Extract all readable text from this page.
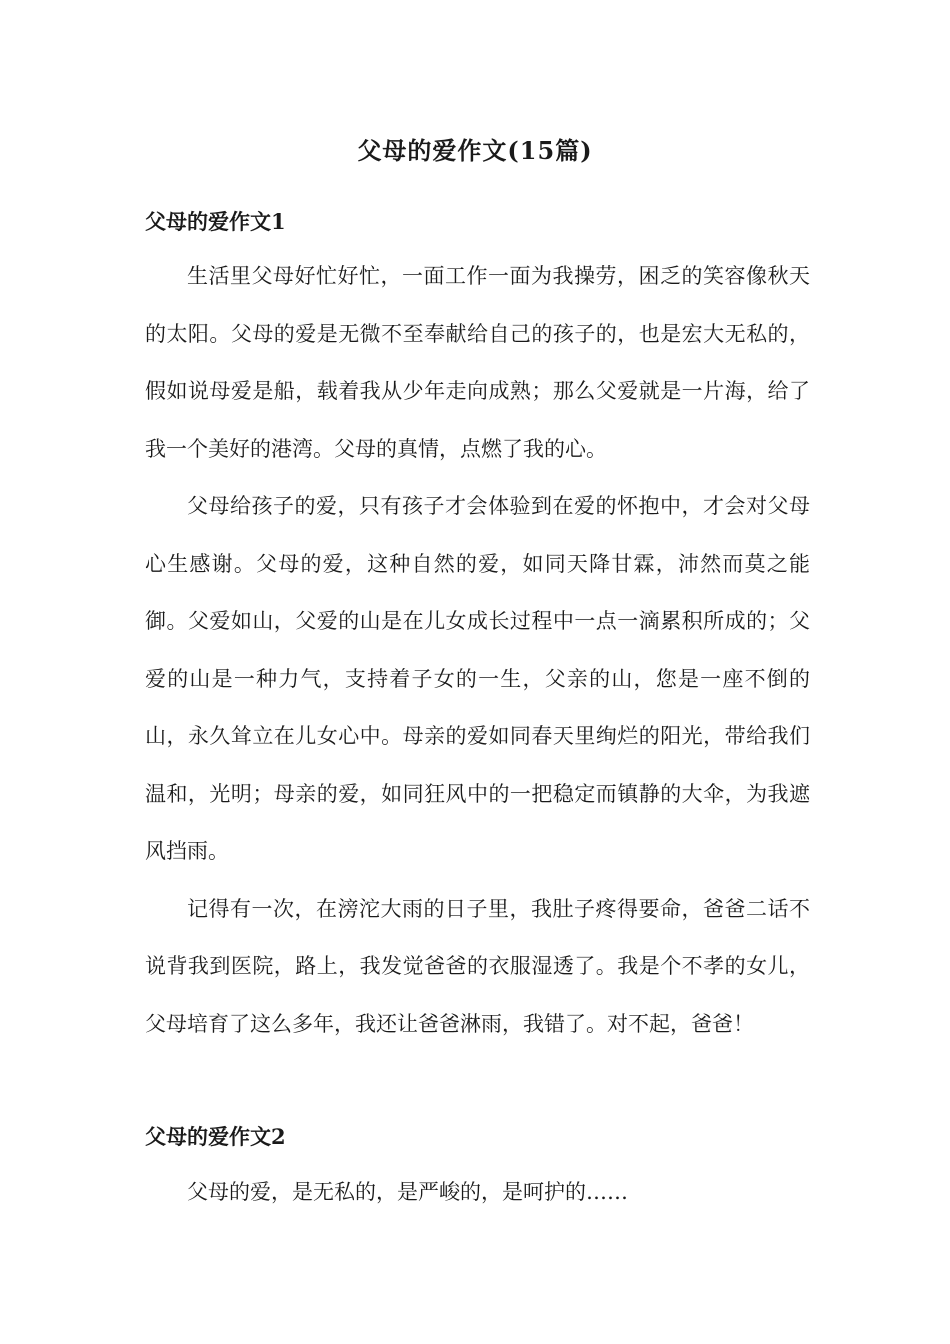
父母的爱作文(15篇)
父母的爱作文1

生活里父母好忙好忙，一面工作一面为我操劳，困乏的笑容像秋天的太阳。父母的爱是无微不至奉献给自己的孩子的，也是宏大无私的，假如说母爱是船，载着我从少年走向成熟；那么父爱就是一片海，给了我一个美好的港湾。父母的真情，点燃了我的心。

父母给孩子的爱，只有孩子才会体验到在爱的怀抱中，才会对父母心生感谢。父母的爱，这种自然的爱，如同天降甘霖，沛然而莫之能御。父爱如山，父爱的山是在儿女成长过程中一点一滴累积所成的；父爱的山是一种力气，支持着子女的一生，父亲的山，您是一座不倒的山，永久耸立在儿女心中。母亲的爱如同春天里绚烂的阳光，带给我们温和，光明；母亲的爱，如同狂风中的一把稳定而镇静的大伞，为我遮风挡雨。

记得有一次，在滂沱大雨的日子里，我肚子疼得要命，爸爸二话不说背我到医院，路上，我发觉爸爸的衣服湿透了。我是个不孝的女儿，父母培育了这么多年，我还让爸爸淋雨，我错了。对不起，爸爸！

父母的爱作文2

父母的爱，是无私的，是严峻的，是呵护的……
